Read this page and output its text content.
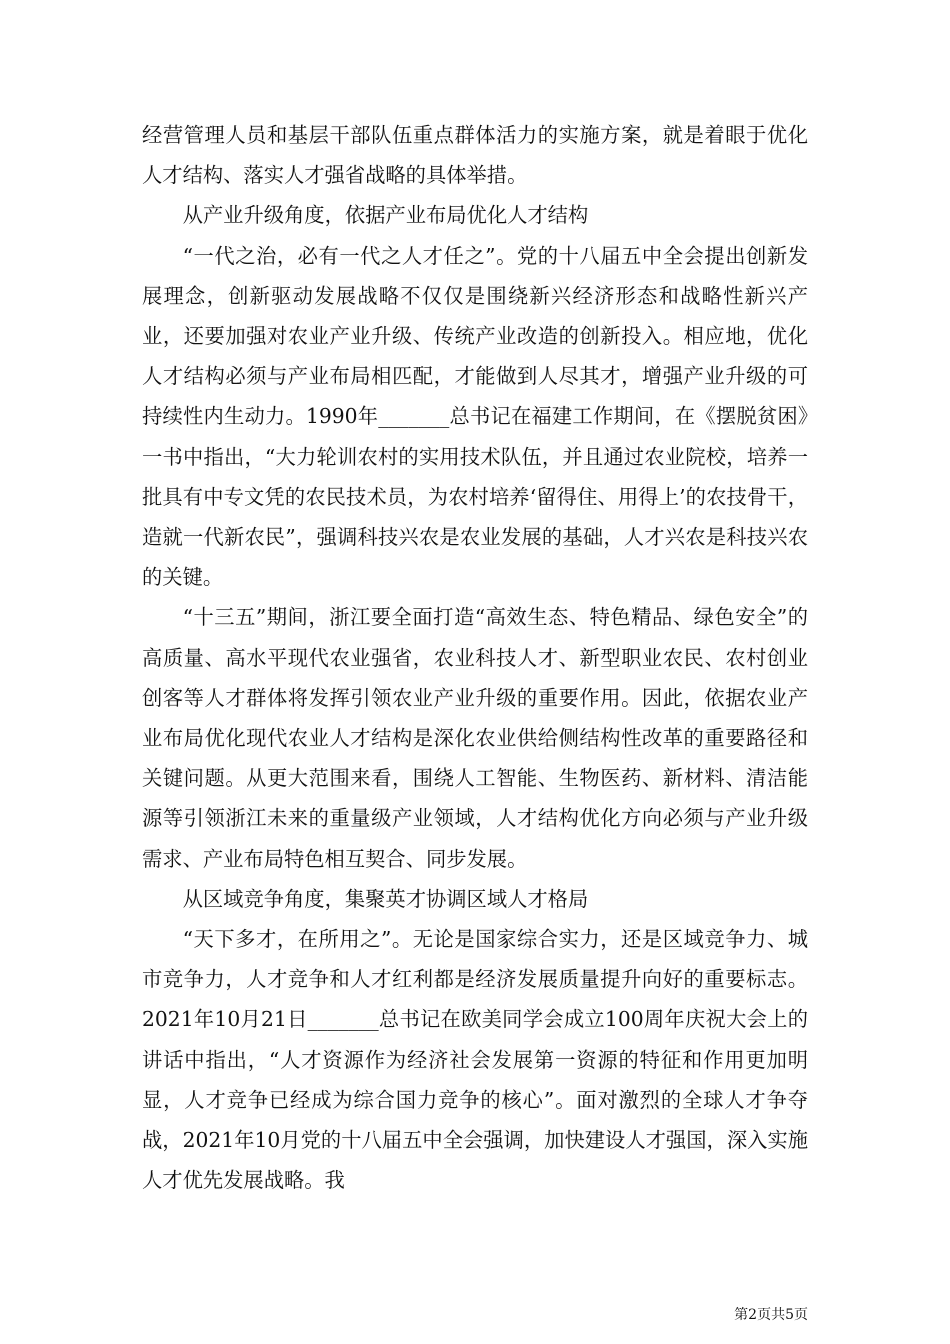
经营管理人员和基层干部队伍重点群体活力的实施方案，就是着眼于优化人才结构、落实人才强省战略的具体举措。

从产业升级角度，依据产业布局优化人才结构

“一代之治，必有一代之人才任之”。党的十八届五中全会提出创新发展理念，创新驱动发展战略不仅仅是围绕新兴经济形态和战略性新兴产业，还要加强对农业产业升级、传统产业改造的创新投入。相应地，优化人才结构必须与产业布局相匹配，才能做到人尽其才，增强产业升级的可持续性内生动力。1990年_______总书记在福建工作期间，在《摆脱贫困》一书中指出，“大力轮训农村的实用技术队伍，并且通过农业院校，培养一批具有中专文凭的农民技术员，为农村培养‘留得住、用得上’的农技骨干，造就一代新农民”，强调科技兴农是农业发展的基础，人才兴农是科技兴农的关键。

“十三五”期间，浙江要全面打造“高效生态、特色精品、绿色安全”的高质量、高水平现代农业强省，农业科技人才、新型职业农民、农村创业创客等人才群体将发挥引领农业产业升级的重要作用。因此，依据农业产业布局优化现代农业人才结构是深化农业供给侧结构性改革的重要路径和关键问题。从更大范围来看，围绕人工智能、生物医药、新材料、清洁能源等引领浙江未来的重量级产业领域，人才结构优化方向必须与产业升级需求、产业布局特色相互契合、同步发展。

从区域竞争角度，集聚英才协调区域人才格局

“天下多才，在所用之”。无论是国家综合实力，还是区域竞争力、城市竞争力，人才竞争和人才红利都是经济发展质量提升向好的重要标志。2021年10月21日_______总书记在欧美同学会成立100周年庆祝大会上的讲话中指出，“人才资源作为经济社会发展第一资源的特征和作用更加明显，人才竞争已经成为综合国力竞争的核心”。面对激烈的全球人才争夺战，2021年10月党的十八届五中全会强调，加快建设人才强国，深入实施人才优先发展战略。我

第2页共5页
